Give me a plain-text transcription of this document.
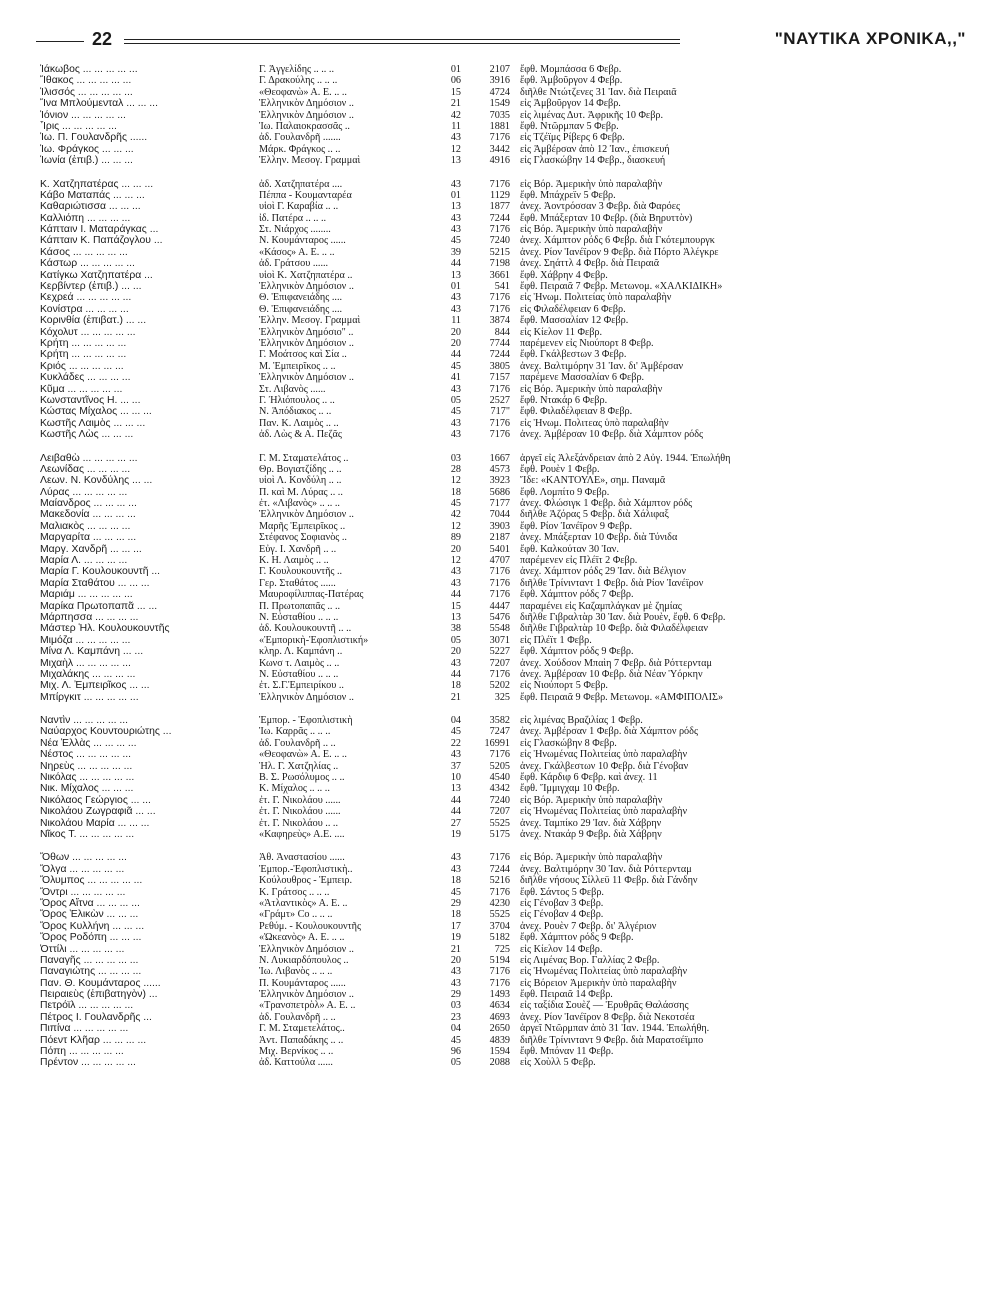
22	"ΝΑΥΤΙΚΑ ΧΡΟΝΙΚΑ,,"
Ἰάκωβος ... ... ... ... ...	Γ. Ἀγγελίδης .. .. ..	01	2107 ἔφθ. Μομπάσσα 6 Φεβρ.
Ἴθακος ... ... ... ... ...	Γ. Δρακούλης .. .. ..	06	3916 ἔφθ. Ἀμβοῦργον 4 Φεβρ.
Ἰλισσός ... ... ... ... ...	«Θεοφανὼ» Α. Ε. .. ..	15	4724 διῆλθε Ντώτζενες 31 Ἰαν. διὰ Πειραιᾶ
Ἴνα Μπλούμενταλ ... ... ...	Ἑλληνικὸν Δημόσιον ..	21	1549 εἰς Ἀμβοῦργον 14 Φεβρ.
Ἰόνιον ... ... ... ... ...	Ἑλληνικὸν Δημόσιον ..	42	7035 εἰς λιμένας Δυτ. Ἀφρικῆς 10 Φεβρ.
Ἶρις ... ... ... ... ...	Ἰω. Παλαιοκρασσᾶς ..	11	1881 ἔφθ. Ντῶρμπαν 5 Φεβρ.
Ἰω. Π. Γουλανδρῆς ......	ἀδ. Γουλανδρῆ .......	43	7176 εἰς Τζέϊμς Ρίβερς 6 Φεβρ.
Ἰω. Φράγκος ... ... ...	Μάρκ. Φράγκος .. ..	12	3442 εἰς Ἀμβέρσαν ἀπὸ 12 Ἰαν., ἐπισκευή
Ἰωνία (ἐπιβ.) ... ... ...	Ἑλλην. Μεσογ. Γραμμαὶ	13	4916 εἰς Γλασκώβην 14 Φεβρ., διασκευή
Κ. Χατζηπατέρας ... ... ...	ἀδ. Χατζηπατέρα ....	43	7176 εἰς Βόρ. Ἀμερικὴν ὑπὸ παραλαβὴν
Κάβο Ματαπάς ... ... ...	Πέππα - Κουμανταρέα	01	1129 ἔφθ. Μπάχρεϊν 5 Φεβρ.
Καθαριώτισσα ... ... ...	υἱοὶ Γ. Καραβία .. ..	13	1877 ἀνεχ. Ἀοντρόσσαν 3 Φεβρ. διὰ Φαρόες
Καλλιόπη ... ... ... ...	ἰδ. Πατέρα .. .. ..	43	7244 ἔφθ. Μπάξερταν 10 Φεβρ. (διὰ Βηρυττὸν)
Κάπταιν Ι. Ματαράγκας ...	Στ. Νιάρχος ........	43	7176 εἰς Βόρ. Ἀμερικὴν ὑπὸ παραλαβὴν
Κάπταιν Κ. Παπάζογλου ...	Ν. Κουμάνταρος ......	45	7240 ἀνεχ. Χάμπτον ρόδς 6 Φεβρ. διὰ Γκότεμπουργκ
Κάσος ... ... ... ... ...	«Κάσος» Α. Ε. .. ..	39	5215 ἀνεχ. Ρίον Ἰανέϊρον 9 Φεβρ. διὰ Πόρτο Ἀλέγκρε
Κάστωρ ... ... ... ... ...	ἀδ. Γράτσου ......	44	7198 ἀνεχ. Σηάττλ 4 Φεβρ. διὰ Πειραιᾶ
Κατίγκω Χατζηπατέρα ...	υἱοὶ Κ. Χατζηπατέρα ..	13	3661 ἔφθ. Χάβρην 4 Φεβρ.
Κερβίντερ (ἐπιβ.) ... ...	Ἑλληνικὸν Δημόσιον ..	01	541 ἔφθ. Πειραιᾶ 7 Φεβρ. Μετωνομ. «ΧΑΛΚΙΔΙΚΗ»
Κεχρεά ... ... ... ... ...	Θ. Ἐπιφανειάδης ....	43	7176 εἰς Ἡνωμ. Πολιτείας ὑπὸ παραλαβὴν
Κονίστρα ... ... ... ...	Θ. Ἐπιφανειάδης ....	43	7176 εἰς Φιλαδέλφειαν 6 Φεβρ.
Κορινθία (ἐπιβατ.) ... ...	Ἑλλην. Μεσογ. Γραμμαὶ	11	3874 ἔφθ. Μασσαλίαν 12 Φεβρ.
Κόχολυτ ... ... ... ... ...	Ἑλληνικὸν Δημόσιο" ..	20	844 εἰς Κίελον 11 Φεβρ.
Κρήτη ... ... ... ... ...	Ἑλληνικὸν Δημόσιον ..	20	7744 παρέμενεν εἰς Νιούπορτ 8 Φεβρ.
Κρήτη ... ... ... ... ...	Γ. Μοάτσος καὶ Σία ..	44	7244 ἔφθ. Γκάλβεστων 3 Φεβρ.
Κριός ... ... ... ... ...	Μ. Ἐμπειρῖκος .. ..	45	3805 ἀνεχ. Βαλτιμόρην 31 Ἰαν. δι' Ἀμβέρσαν
Κυκλάδες ... ... ... ...	Ἑλληνικὸν Δημόσιον ..	41	7157 παρέμενε Μασσαλίαν 6 Φεβρ.
Κῦμα ... ... ... ... ...	Στ. Λιβανὸς ......	43	7176 εἰς Βόρ. Ἀμερικὴν ὑπὸ παραλαβὴν
Κωνσταντῖνος Η. ... ...	Γ. Ἠλιόπουλος .. ..	05	2527 ἔφθ. Ντακάρ 6 Φεβρ.
Κώστας Μίχαλος ... ... ...	Ν. Ἀπόδιακος .. ..	45	717" ἔφθ. Φιλαδέλφειαν 8 Φεβρ.
Κωστῆς Λαιμὸς ... ... ...	Παν. Κ. Λαιμὸς .. ..	43	7176 εἰς Ἡνωμ. Πολιτεας ὑπὸ παραλαβὴν
Κωστῆς Λὼς ... ... ...	ἀδ. Λὼς & Α. Πεζᾶς	43	7176 ἀνεχ. Ἀμβέρσαν 10 Φεβρ. διὰ Χάμπτον ρόδς
Λειβαθὼ ... ... ... ... ...	Γ. Μ. Σταματελάτος ..	03	1667 ἀργεῖ εἰς Ἀλεξάνδρειαν ἀπὸ 2 Αὐγ. 1944. Ἐπωλήθη
Λεωνίδας ... ... ... ...	Θρ. Βογιατζίδης .. ..	28	4573 ἔφθ. Ρουὲν 1 Φεβρ.
Λεων. Ν. Κονδύλης ... ...	υἱοὶ Λ. Κονδύλη .. ..	12	3923 Ἴδε: «ΚΑΝΤΟΥΛΕ», σημ. Παναμᾶ
Λύρας ... ... ... ... ...	Π. καὶ Μ. Λύρας .. ..	18	5686 ἔφθ. Λομπίτο 9 Φεβρ.
Μαίανδρος ... ... ... ...	ἐτ. «Λιβανὸς» .. .. ..	45	7177 ἀνεχ. Φλώσιγκ 1 Φεβρ. διὰ Χάμπτον ρόδς
Μακεδονία ... ... ... ...	Ἑλληνικὸν Δημόσιον ..	42	7044 διῆλθε Ἀζόρας 5 Φεβρ. διὰ Χάλιφαξ
Μαλιακὸς ... ... ... ...	Μαρῆς Ἐμπειρῖκος ..	12	3903 ἔφθ. Ρίον Ἰανέϊρον 9 Φεβρ.
Μαργαρίτα ... ... ... ...	Στέφανος Σοφιανὸς ..	89	2187 ἀνεχ. Μπάξερταν 10 Φεβρ. διὰ Τύνιδα
Μαργ. Χανδρῆ ... ... ...	Εὐγ. Ι. Χανδρῆ .. ..	20	5401 ἔφθ. Καλκούταν 30 Ἰαν.
Μαρία Λ. ... ... ... ...	Κ. Η. Λαιμὸς .. ..	12	4707 παρέμενεν εἰς Πλέϊτ 2 Φεβρ.
Μαρία Γ. Κουλουκουντῆ ...	Γ. Κουλουκουντῆς ..	43	7176 ἀνεχ. Χάμπτον ρόδς 29 Ἰαν. διὰ Βέλγιον
Μαρία Σταθάτου ... ... ...	Γερ. Σταθάτος ......	43	7176 διῆλθε Τρίνινταντ 1 Φεβρ. διὰ Ρίον Ἰανέϊρον
Μαριάμ ... ... ... ... ...	Μαυροφίλιππας-Πατέρας	44	7176 ἔφθ. Χάμπτον ρόδς 7 Φεβρ.
Μαρίκα Πρωτοπαπᾶ ... ...	Π. Πρωτοπαπᾶς .. ..	15	4447 παραμένει εἰς Καζαμπλάγκαν μὲ ζημίας
Μάρπησσα ... ... ... ...	Ν. Εὐσταθίου .. .. ..	13	5476 διῆλθε Γιβραλτὰρ 30 Ἰαν. διὰ Ρουὲν, ἔφθ. 6 Φεβρ.
Μάστερ Ἡλ. Κουλουκουντῆς	ἀδ. Κουλουκουντῆ .. ..	38	5548 διῆλθε Γιβραλτὰρ 10 Φεβρ. διὰ Φιλαδέλφειαν
Μιμόζα ... ... ... ... ...	«Ἐμπορικὴ-Ἐφοπλιστική»	05	3071 εἰς Πλέϊτ 1 Φεβρ.
Μίνα Λ. Καμπάνη ... ...	κληρ. Λ. Καμπάνη ..	20	5227 ἔφθ. Χάμπτον ρόδς 9 Φεβρ.
Μιχαὴλ ... ... ... ... ...	Κωνσ τ. Λαιμὸς .. ..	43	7207 ἀνεχ. Χούδσον Μπαὶη 7 Φεβρ. διὰ Ρόττερνταμ
Μιχαλάκης ... ... ... ...	Ν. Εὐσταθίου .. .. ..	44	7176 ἀνεχ. Ἀμβέρσαν 10 Φεβρ. διὰ Νέαν Ὑόρκην
Μιχ. Λ. Ἐμπειρῖκος ... ...	ἐτ. Σ.Γ.Ἐμπειρίκου ..	18	5202 εἰς Νιούπορτ 5 Φεβρ.
Μπίργκιτ ... ... ... ... ...	Ἑλληνικὸν Δημόσιον ..	21	325 ἔφθ. Πειραιᾶ 9 Φεβρ. Μετωνομ. «ΑΜΦΙΠΟΛΙΣ»
Ναντὶν ... ... ... ... ...	Ἐμπορ. - Ἐφοπλιστικὴ	04	3582 εἰς λιμένας Βραζιλίας 1 Φεβρ.
Ναύαρχος Κουντουριώτης ...	Ἰω. Καρρᾶς .. .. ..	45	7247 ἀνεχ. Ἀμβέρσαν 1 Φεβρ. διὰ Χάμπτον ρόδς
Νέα Ἑλλὰς ... ... ... ...	ἀδ. Γουλανδρῆ .. ..	22	16991 εἰς Γλασκώβην 8 Φεβρ.
Νέστος ... ... ... ... ...	«Θεοφανὼ» Α. Ε. .. ..	43	7176 εἰς Ἡνωμένας Πολιτείας ὑπὸ παραλαβὴν
Νηρεὺς ... ... ... ... ...	Ἡλ. Γ. Χατζηλίας ..	37	5205 ἀνεχ. Γκάλβεστων 10 Φεβρ. διὰ Γένοβαν
Νικόλας ... ... ... ... ...	Β. Σ. Ρωσόλυμος .. ..	10	4540 ἔφθ. Κάρδιφ 6 Φεβρ. καὶ ἀνεχ. 11
Νικ. Μίχαλος ... ... ...	Κ. Μίχαλος .. .. ..	13	4342 ἔφθ. Ἴμμιγχαμ 10 Φεβρ.
Νικόλαος Γεώργιος ... ...	ἐτ. Γ. Νικολάου ......	44	7240 εἰς Βόρ. Ἀμερικὴν ὑπὸ παραλαβὴν
Νικολάου Ζωγραφιᾶ ... ...	ἐτ. Γ. Νικολάου ......	44	7207 εἰς Ἡνωμένας Πολιτείας ὑπὸ παραλαβὴν
Νικολάου Μαρία ... ... ...	ἐτ. Γ. Νικολάου .. ..	27	5525 ἀνεχ. Ταμπίκο 29 Ἰαν. διὰ Χάβρην
Νῖκος Τ. ... ... ... ... ...	«Καφηρεὺς» Α.Ε. ....	19	5175 ἀνεχ. Ντακάρ 9 Φεβρ. διὰ Χάβρην
Ὄθων ... ... ... ... ...	Ἀθ. Ἀναστασίου ......	43	7176 εἰς Βόρ. Ἀμερικὴν ὑπὸ παραλαβὴν
Ὄλγα ... ... ... ... ...	Ἐμπορ.-Ἐφοπλιστικὴ..	43	7244 ἀνεχ. Βαλτιμόρην 30 Ἰαν. διὰ Ρόττερνταμ
Ὄλυμπος ... ... ... ... ...	Κούλουθρος - Ἐμπειρ.	18	5216 διῆλθε νήσους Σίλλεϋ 11 Φεβρ. διὰ Γάνδην
Ὄντρι ... ... ... ... ...	Κ. Γράτσος .. .. ..	45	7176 ἔφθ. Σάντος 5 Φεβρ.
Ὄρος Αἴτνα ... ... ... ...	«Ἀτλαντικὸς» Α. Ε. ..	29	4230 εἰς Γένοβαν 3 Φεβρ.
Ὄρος Ἑλικὼν ... ... ...	«Γράμτ» Co .. .. ..	18	5525 εἰς Γένοβαν 4 Φεβρ.
Ὄρος Κυλλήνη ... ... ...	Ρεθύμ. - Κουλουκουντῆς	17	3704 ἀνεχ. Ρουὲν 7 Φεβρ. δι' Ἀλγέριον
Ὄρος Ροδόπη ... ... ...	«Ὠκεανὸς» Α. Ε. .. ..	19	5182 ἔφθ. Χάμπτον ρόδς 9 Φεβρ.
Ὀττίλι ... ... ... ... ...	Ἑλληνικὸν Δημόσιον ..	21	725 εἰς Κίελον 14 Φεβρ.
Παναγῆς ... ... ... ... ...	Ν. Λυκιαρδόπουλος ..	20	5194 εἰς Λιμένας Βορ. Γαλλίας 2 Φεβρ.
Παναγιώτης ... ... ... ...	Ἰω. Λιβανὸς .. .. ..	43	7176 εἰς Ἡνωμένας Πολιτείας ὑπὸ παραλαβὴν
Παν. Θ. Κουμάνταρος ......	Π. Κουμάνταρος ......	43	7176 εἰς Βόρειον Ἀμερικὴν ὑπὸ παραλαβὴν
Πειραιεὺς (ἐπιβατηγὸν) ...	Ἑλληνικὸν Δημόσιον ..	29	1493 ἔφθ. Πειραιᾶ 14 Φεβρ.
Πετρόϊλ ... ... ... ... ...	«Τρανσπετρὸλ» Α. Ε. ..	03	4634 εἰς ταξίδια Σουὲζ — Ἐρυθρᾶς Θαλάσσης
Πέτρος Ι. Γουλανδρῆς ...	ἀδ. Γουλανδρῆ .. ..	23	4693 ἀνεχ. Ρίον Ἰανέϊρον 8 Φεβρ. διὰ Νεκοτσέα
Πιπίνα ... ... ... ... ...	Γ. Μ. Σταμετελάτος..	04	2650 ἀργεῖ Ντῶρμπαν ἀπὸ 31 Ἰαν. 1944. Ἐπωλήθη.
Πόεντ Κλῆαρ ... ... ... ...	Ἀντ. Παπαδάκης .. ..	45	4839 διῆλθε Τρίνινταντ 9 Φεβρ. διὰ Μαρατσέϊμπο
Πόπη ... ... ... ... ...	Μιχ. Βερνίκος .. ..	96	1594 ἔφθ. Μπόναν 11 Φεβρ.
Πρέντον ... ... ... ... ...	ἀδ. Καττούλα ......	05	2088 εἰς Χοὺλλ 5 Φεβρ.
